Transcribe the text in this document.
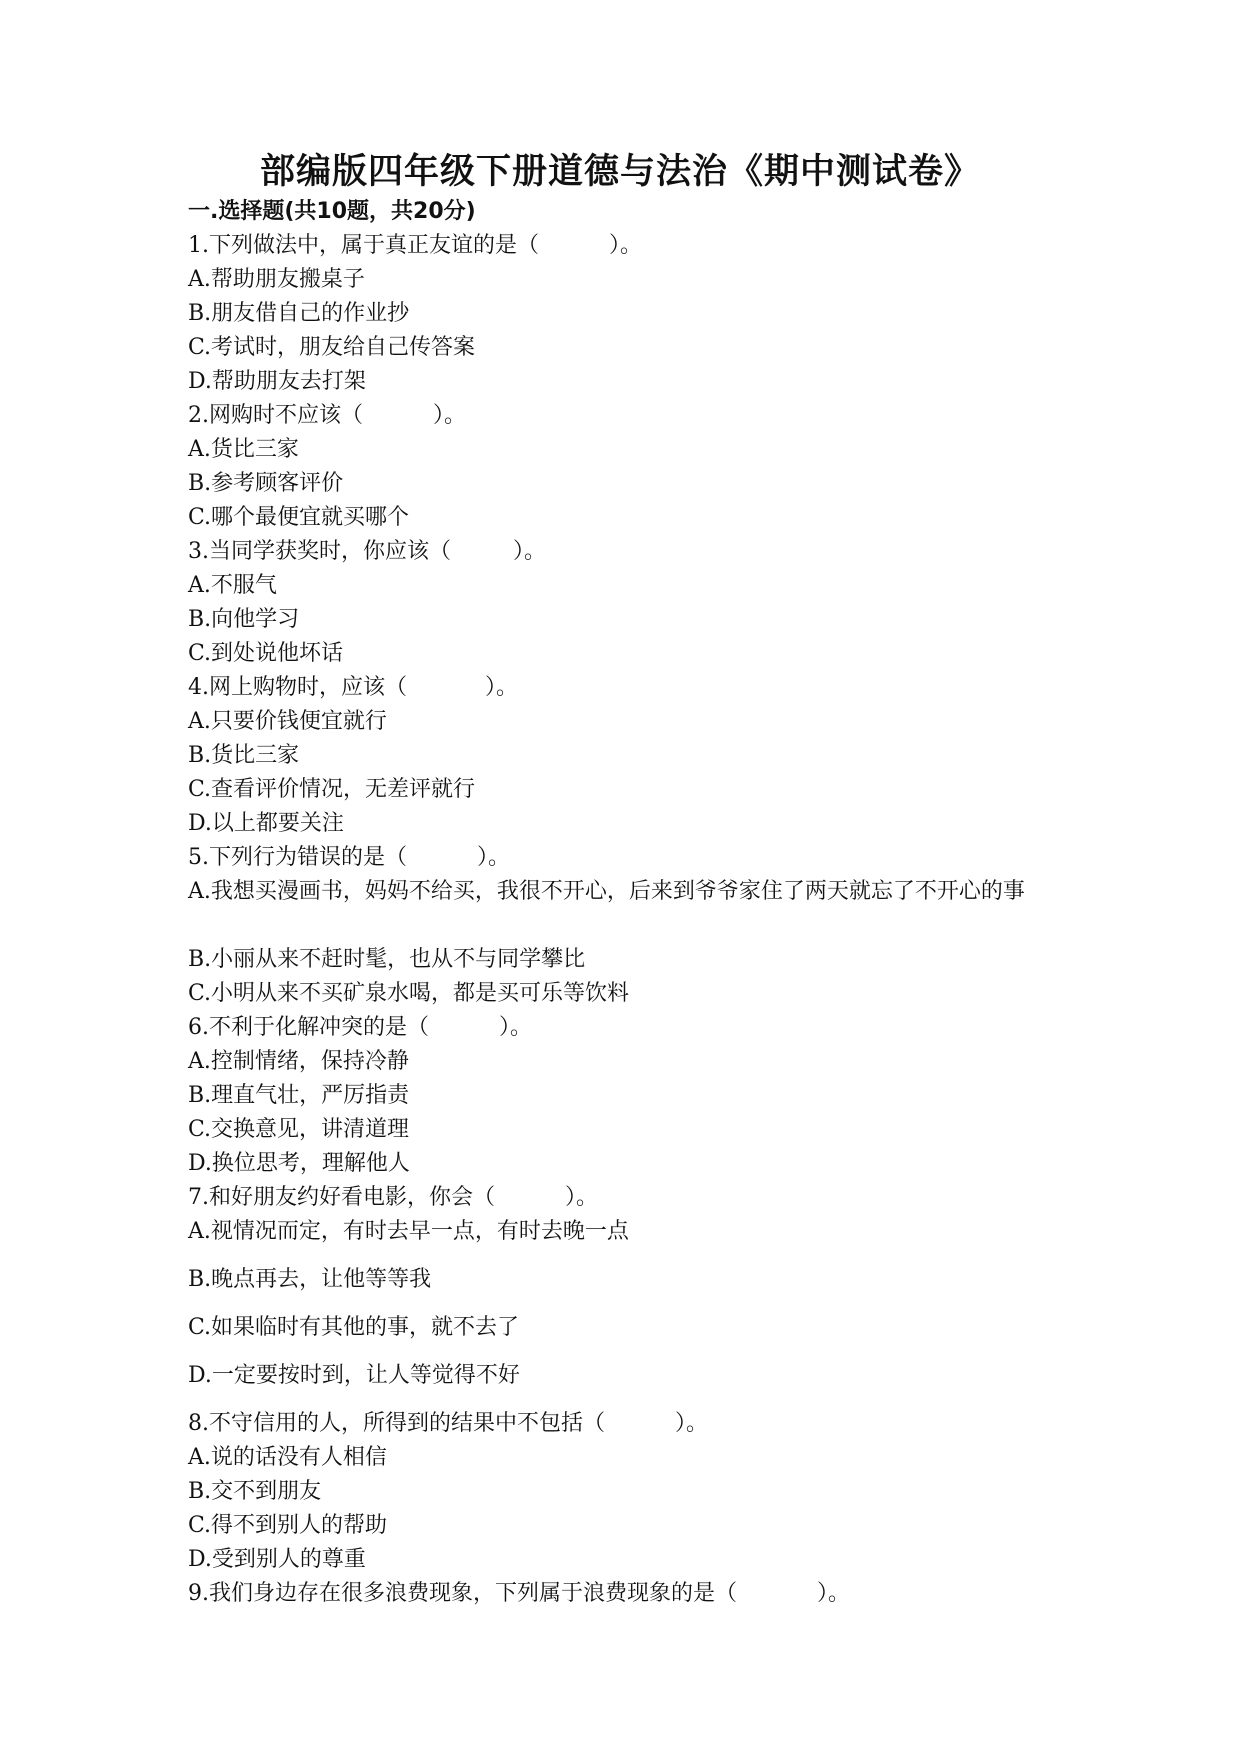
部编版四年级下册道德与法治《期中测试卷》
一.选择题(共10题，共20分)
1.下列做法中，属于真正友谊的是（	）。
A.帮助朋友搬桌子
B.朋友借自己的作业抄
C.考试时，朋友给自己传答案
D.帮助朋友去打架
2.网购时不应该（	）。
A.货比三家
B.参考顾客评价
C.哪个最便宜就买哪个
3.当同学获奖时，你应该（	）。
A.不服气
B.向他学习
C.到处说他坏话
4.网上购物时，应该（	）。
A.只要价钱便宜就行
B.货比三家
C.查看评价情况，无差评就行
D.以上都要关注
5.下列行为错误的是（	）。
A.我想买漫画书，妈妈不给买，我很不开心，后来到爷爷家住了两天就忘了不开心的事
B.小丽从来不赶时髦，也从不与同学攀比
C.小明从来不买矿泉水喝，都是买可乐等饮料
6.不利于化解冲突的是（	）。
A.控制情绪，保持冷静
B.理直气壮，严厉指责
C.交换意见，讲清道理
D.换位思考，理解他人
7.和好朋友约好看电影，你会（	）。
A.视情况而定，有时去早一点，有时去晚一点
B.晚点再去，让他等等我
C.如果临时有其他的事，就不去了
D.一定要按时到，让人等觉得不好
8.不守信用的人，所得到的结果中不包括（	）。
A.说的话没有人相信
B.交不到朋友
C.得不到别人的帮助
D.受到别人的尊重
9.我们身边存在很多浪费现象，下列属于浪费现象的是（	）。
